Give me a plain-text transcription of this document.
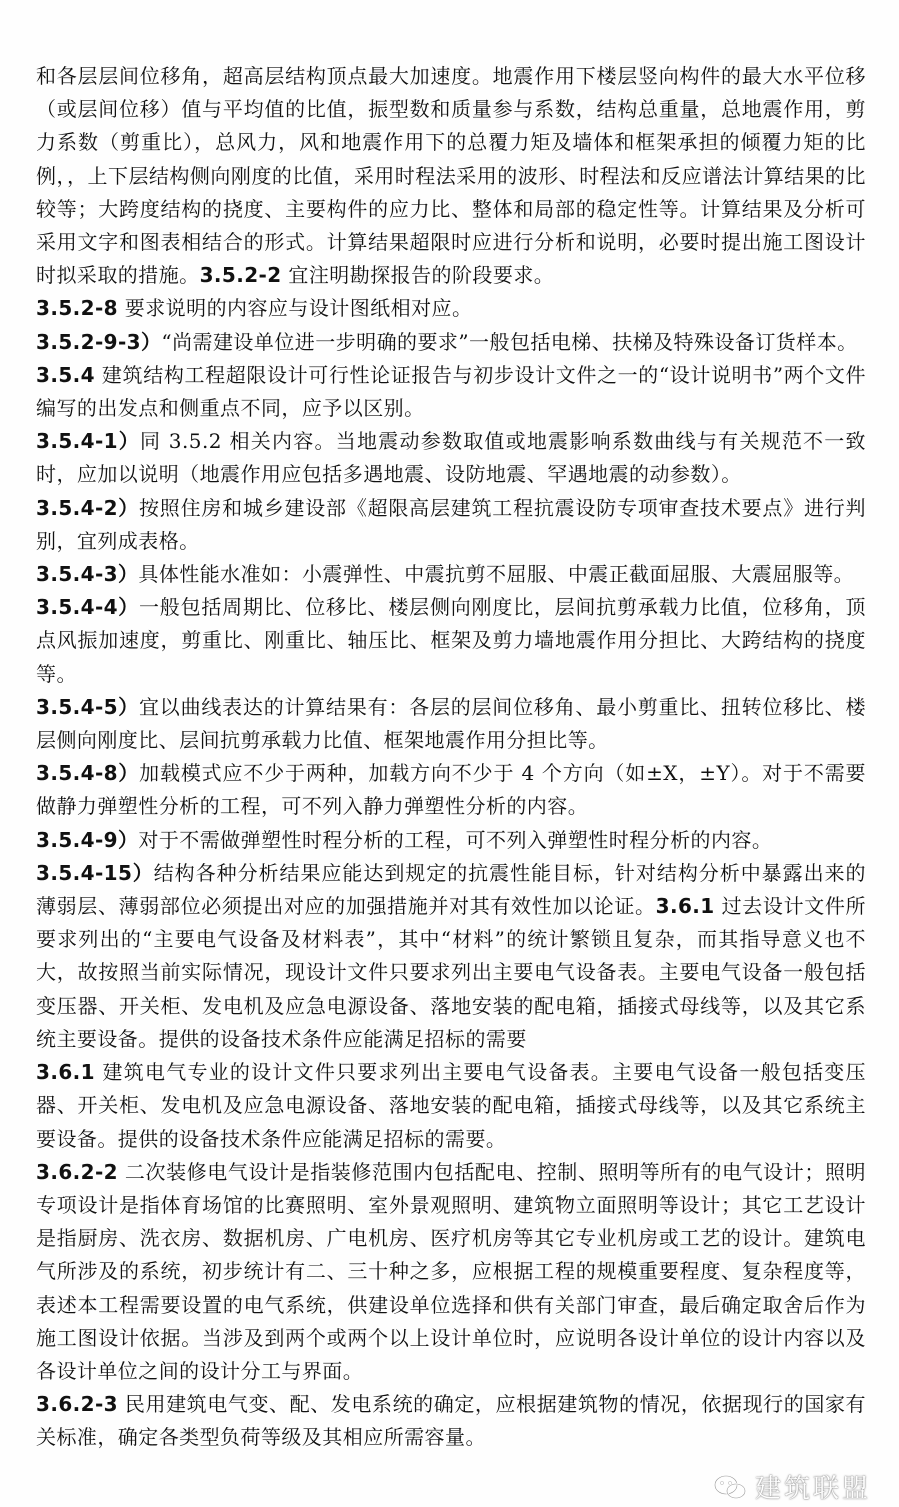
和各层层间位移角，超高层结构顶点最大加速度。地震作用下楼层竖向构件的最大水平位移（或层间位移）值与平均值的比值，振型数和质量参与系数，结构总重量，总地震作用，剪力系数（剪重比），总风力，风和地震作用下的总覆力矩及墙体和框架承担的倾覆力矩的比例，，上下层结构侧向刚度的比值，采用时程法采用的波形、时程法和反应谱法计算结果的比较等；大跨度结构的挠度、主要构件的应力比、整体和局部的稳定性等。计算结果及分析可采用文字和图表相结合的形式。计算结果超限时应进行分析和说明，必要时提出施工图设计时拟采取的措施。3.5.2-2 宜注明勘探报告的阶段要求。

3.5.2-8 要求说明的内容应与设计图纸相对应。

3.5.2-9-3）“尚需建设单位进一步明确的要求”一般包括电梯、扶梯及特殊设备订货样本。

3.5.4 建筑结构工程超限设计可行性论证报告与初步设计文件之一的“设计说明书”两个文件编写的出发点和侧重点不同，应予以区别。

3.5.4-1）同 3.5.2 相关内容。当地震动参数取值或地震影响系数曲线与有关规范不一致时，应加以说明（地震作用应包括多遇地震、设防地震、罕遇地震的动参数）。

3.5.4-2）按照住房和城乡建设部《超限高层建筑工程抗震设防专项审查技术要点》进行判别，宜列成表格。

3.5.4-3）具体性能水准如：小震弹性、中震抗剪不屈服、中震正截面屈服、大震屈服等。

3.5.4-4）一般包括周期比、位移比、楼层侧向刚度比，层间抗剪承载力比值，位移角，顶点风振加速度，剪重比、刚重比、轴压比、框架及剪力墙地震作用分担比、大跨结构的挠度等。

3.5.4-5）宜以曲线表达的计算结果有：各层的层间位移角、最小剪重比、扭转位移比、楼层侧向刚度比、层间抗剪承载力比值、框架地震作用分担比等。

3.5.4-8）加载模式应不少于两种，加载方向不少于 4 个方向（如±X，±Y）。对于不需要做静力弹塑性分析的工程，可不列入静力弹塑性分析的内容。

3.5.4-9）对于不需做弹塑性时程分析的工程，可不列入弹塑性时程分析的内容。

3.5.4-15）结构各种分析结果应能达到规定的抗震性能目标，针对结构分析中暴露出来的薄弱层、薄弱部位必须提出对应的加强措施并对其有效性加以论证。3.6.1 过去设计文件所要求列出的“主要电气设备及材料表”，其中“材料”的统计繁锁且复杂，而其指导意义也不大，故按照当前实际情况，现设计文件只要求列出主要电气设备表。主要电气设备一般包括变压器、开关柜、发电机及应急电源设备、落地安装的配电箱，插接式母线等，以及其它系统主要设备。提供的设备技术条件应能满足招标的需要

3.6.1 建筑电气专业的设计文件只要求列出主要电气设备表。主要电气设备一般包括变压器、开关柜、发电机及应急电源设备、落地安装的配电箱，插接式母线等，以及其它系统主要设备。提供的设备技术条件应能满足招标的需要。

3.6.2-2 二次装修电气设计是指装修范围内包括配电、控制、照明等所有的电气设计；照明专项设计是指体育场馆的比赛照明、室外景观照明、建筑物立面照明等设计；其它工艺设计是指厨房、洗衣房、数据机房、广电机房、医疗机房等其它专业机房或工艺的设计。建筑电气所涉及的系统，初步统计有二、三十种之多，应根据工程的规模重要程度、复杂程度等，表述本工程需要设置的电气系统，供建设单位选择和供有关部门审查，最后确定取舍后作为施工图设计依据。当涉及到两个或两个以上设计单位时，应说明各设计单位的设计内容以及各设计单位之间的设计分工与界面。

3.6.2-3 民用建筑电气变、配、发电系统的确定，应根据建筑物的情况，依据现行的国家有关标准，确定各类型负荷等级及其相应所需容量。

建筑联盟
